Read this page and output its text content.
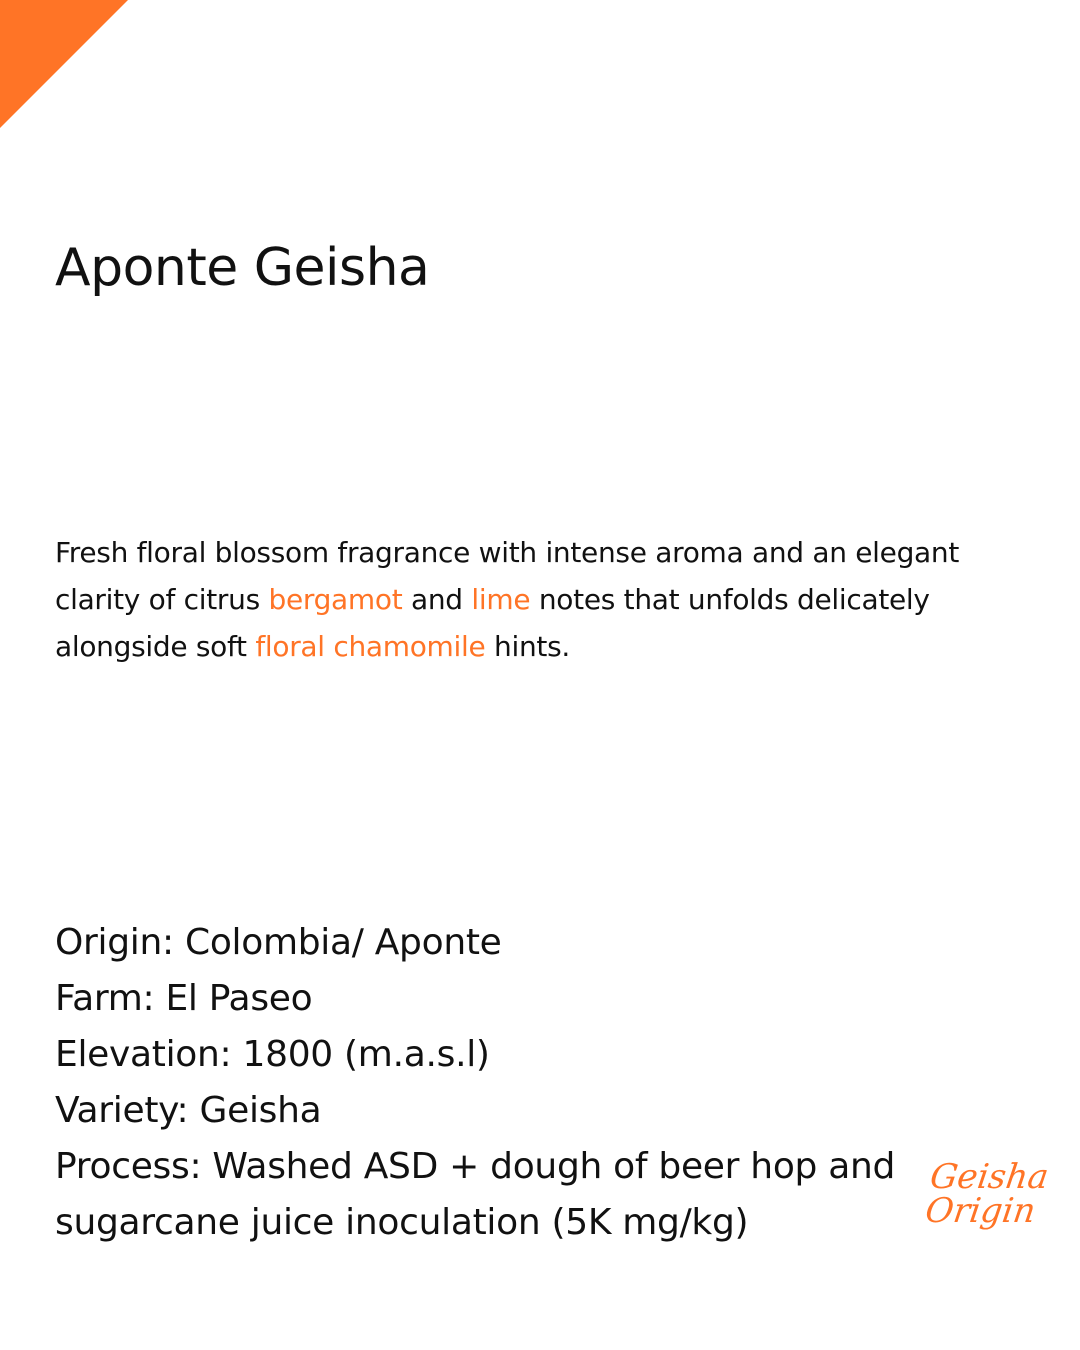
Aponte Geisha

Fresh floral blossom fragrance with intense aroma and an elegant clarity of citrus bergamot and lime notes that unfolds delicately alongside soft floral chamomile hints.

Origin: Colombia/ Aponte
Farm: El Paseo
Elevation: 1800 (m.a.s.l)
Variety: Geisha
Process: Washed ASD + dough of beer hop and sugarcane juice inoculation (5K mg/kg)
Geisha
Origin
